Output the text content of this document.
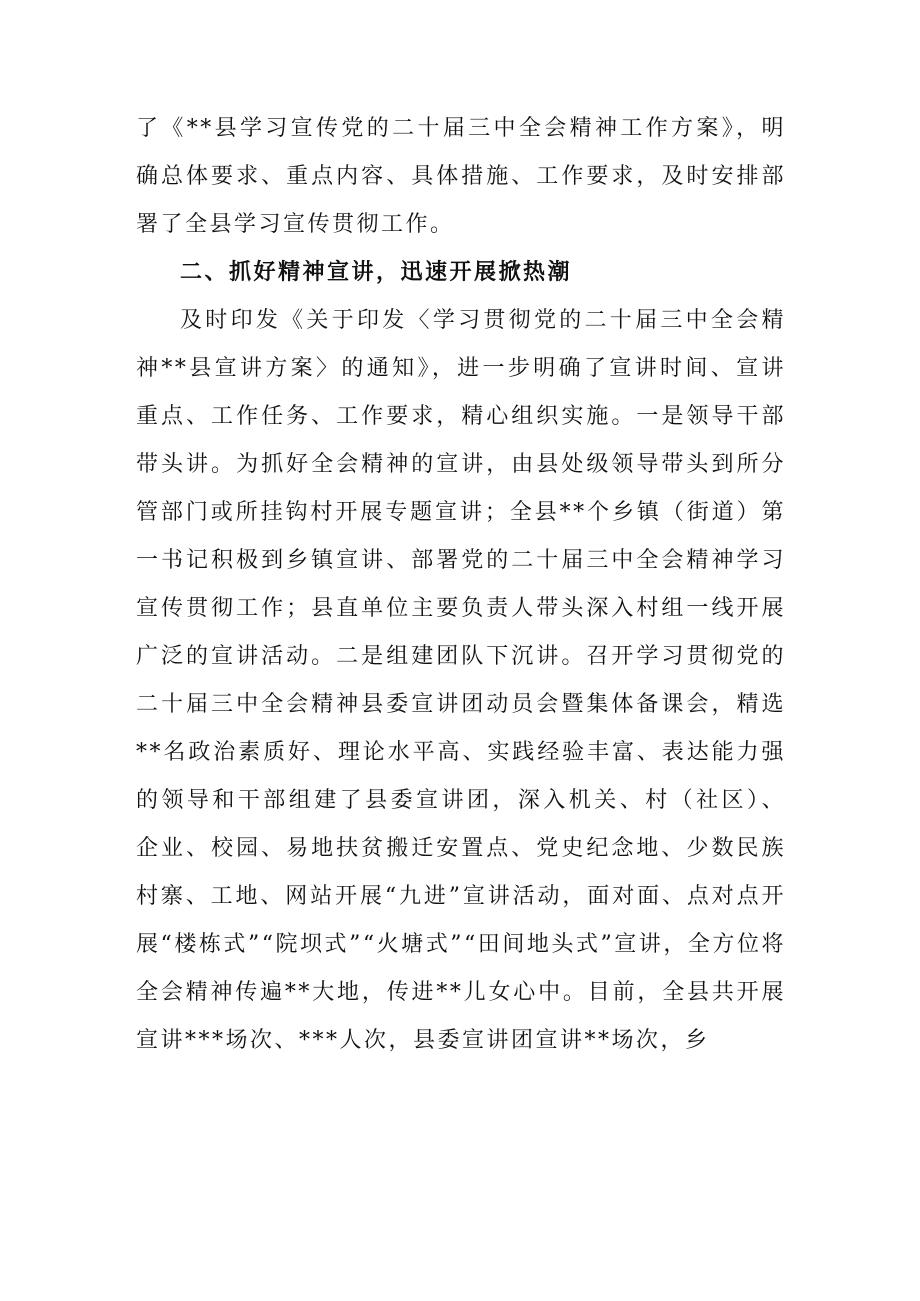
了《**县学习宣传党的二十届三中全会精神工作方案》，明确总体要求、重点内容、具体措施、工作要求，及时安排部署了全县学习宣传贯彻工作。

二、抓好精神宣讲，迅速开展掀热潮

及时印发《关于印发〈学习贯彻党的二十届三中全会精神**县宣讲方案〉的通知》，进一步明确了宣讲时间、宣讲重点、工作任务、工作要求，精心组织实施。一是领导干部带头讲。为抓好全会精神的宣讲，由县处级领导带头到所分管部门或所挂钩村开展专题宣讲；全县**个乡镇（街道）第一书记积极到乡镇宣讲、部署党的二十届三中全会精神学习宣传贯彻工作；县直单位主要负责人带头深入村组一线开展广泛的宣讲活动。二是组建团队下沉讲。召开学习贯彻党的二十届三中全会精神县委宣讲团动员会暨集体备课会，精选**名政治素质好、理论水平高、实践经验丰富、表达能力强的领导和干部组建了县委宣讲团，深入机关、村（社区）、企业、校园、易地扶贫搬迁安置点、党史纪念地、少数民族村寨、工地、网站开展“九进”宣讲活动，面对面、点对点开展“楼栋式”“院坝式”“火塘式”“田间地头式”宣讲，全方位将全会精神传遍**大地，传进**儿女心中。目前，全县共开展宣讲***场次、***人次，县委宣讲团宣讲**场次，乡
